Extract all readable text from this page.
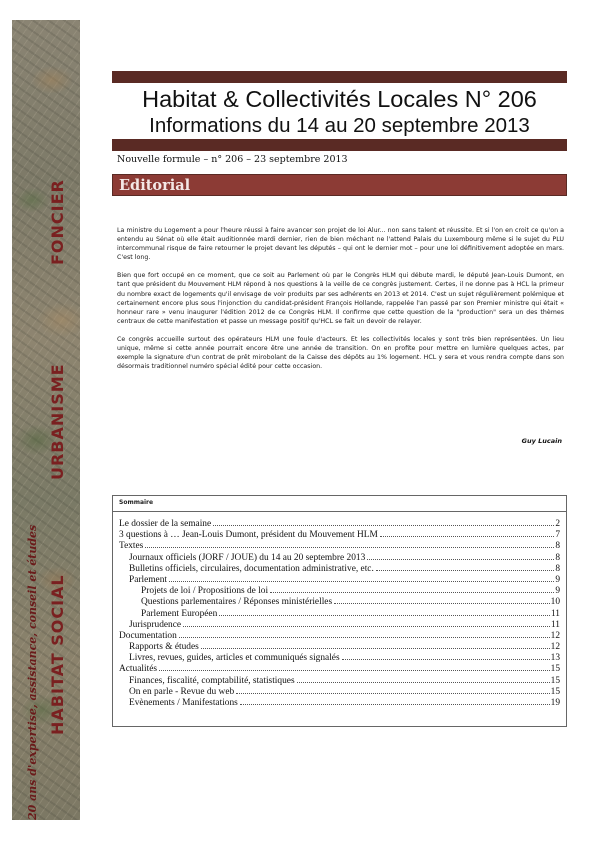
FONCIER
URBANISME
HABITAT SOCIAL
20 ans d'expertise, assistance, conseil et études
Habitat & Collectivités Locales N° 206
Informations du 14 au 20 septembre 2013
Nouvelle formule – n° 206 – 23 septembre 2013
Editorial

La ministre du Logement a pour l'heure réussi à faire avancer son projet de loi Alur... non sans talent et réussite. Et si l'on en croit ce qu'on a entendu au Sénat où elle était auditionnée mardi dernier, rien de bien méchant ne l'attend Palais du Luxembourg même si le sujet du PLU intercommunal risque de faire retourner le projet devant les députés – qui ont le dernier mot – pour une loi définitivement adoptée en mars. C'est long.

Bien que fort occupé en ce moment, que ce soit au Parlement où par le Congrès HLM qui débute mardi, le député Jean-Louis Dumont, en tant que président du Mouvement HLM répond à nos questions à la veille de ce congrès justement. Certes, il ne donne pas à HCL la primeur du nombre exact de logements qu'il envisage de voir produits par ses adhérents en 2013 et 2014. C'est un sujet régulièrement polémique et certainement encore plus sous l'injonction du candidat-président François Hollande, rappelée l'an passé par son Premier ministre qui était « honneur rare » venu inaugurer l'édition 2012 de ce Congrès HLM. Il confirme que cette question de la "production" sera un des thèmes centraux de cette manifestation et passe un message positif qu'HCL se fait un devoir de relayer.

Ce congrès accueille surtout des opérateurs HLM une foule d'acteurs. Et les collectivités locales y sont très bien représentées. Un lieu unique, même si cette année pourrait encore être une année de transition. On en profite pour mettre en lumière quelques actes, par exemple la signature d'un contrat de prêt mirobolant de la Caisse des dépôts au 1% logement. HCL y sera et vous rendra compte dans son désormais traditionnel numéro spécial édité pour cette occasion.

Guy Lucain
Sommaire
Le dossier de la semaine	2
3 questions à … Jean-Louis Dumont, président du Mouvement HLM	7
Textes	8
Journaux officiels (JORF / JOUE) du 14 au 20 septembre 2013	8
Bulletins officiels, circulaires, documentation administrative, etc.	8
Parlement	9
Projets de loi / Propositions de loi	9
Questions parlementaires / Réponses ministérielles	10
Parlement Européen	11
Jurisprudence	11
Documentation	12
Rapports & études	12
Livres, revues, guides, articles et communiqués signalés	13
Actualités	15
Finances, fiscalité, comptabilité, statistiques	15
On en parle - Revue du web	15
Evènements / Manifestations	19
